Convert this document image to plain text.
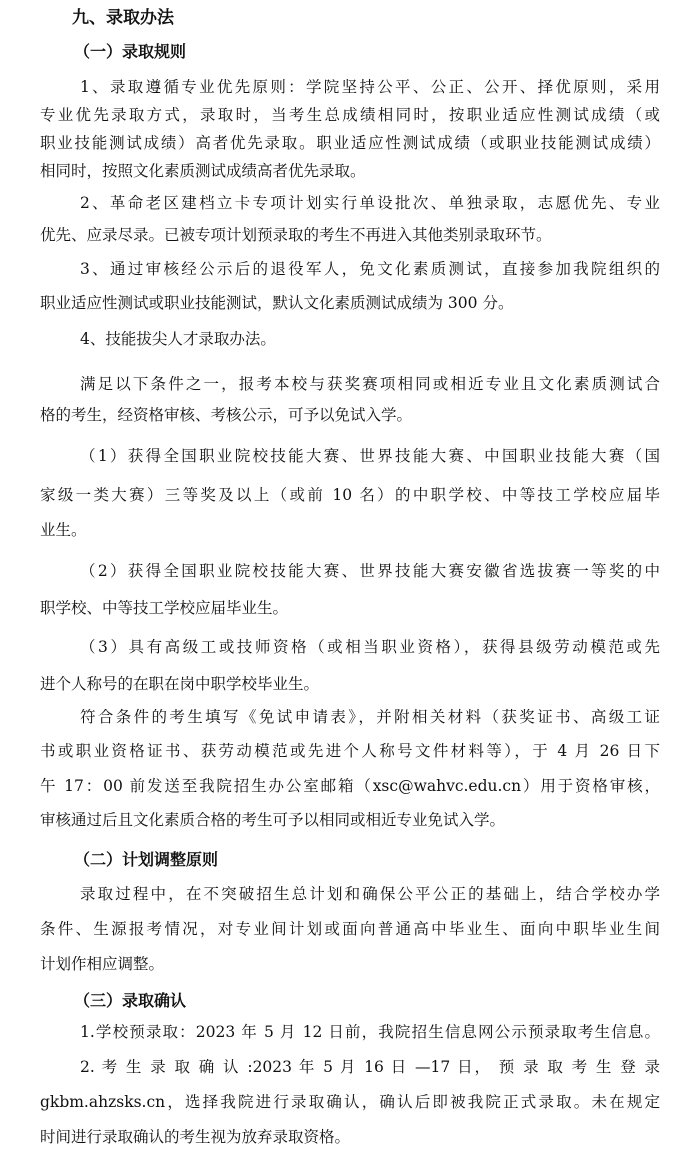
九、录取办法
（一）录取规则
1、录取遵循专业优先原则：学院坚持公平、公正、公开、择优原则，采用
专业优先录取方式，录取时，当考生总成绩相同时，按职业适应性测试成绩（或
职业技能测试成绩）高者优先录取。职业适应性测试成绩（或职业技能测试成绩）
相同时，按照文化素质测试成绩高者优先录取。
2、革命老区建档立卡专项计划实行单设批次、单独录取，志愿优先、专业
优先、应录尽录。已被专项计划预录取的考生不再进入其他类别录取环节。
3、通过审核经公示后的退役军人，免文化素质测试，直接参加我院组织的
职业适应性测试或职业技能测试，默认文化素质测试成绩为 300 分。
4、技能拔尖人才录取办法。
满足以下条件之一，报考本校与获奖赛项相同或相近专业且文化素质测试合
格的考生，经资格审核、考核公示，可予以免试入学。
（1）获得全国职业院校技能大赛、世界技能大赛、中国职业技能大赛（国
家级一类大赛）三等奖及以上（或前 10 名）的中职学校、中等技工学校应届毕
业生。
（2）获得全国职业院校技能大赛、世界技能大赛安徽省选拔赛一等奖的中
职学校、中等技工学校应届毕业生。
（3）具有高级工或技师资格（或相当职业资格），获得县级劳动模范或先
进个人称号的在职在岗中职学校毕业生。
符合条件的考生填写《免试申请表》，并附相关材料（获奖证书、高级工证
书或职业资格证书、获劳动模范或先进个人称号文件材料等），于 4 月 26 日下
午 17：00 前发送至我院招生办公室邮箱（xsc@wahvc.edu.cn）用于资格审核，
审核通过后且文化素质合格的考生可予以相同或相近专业免试入学。
（二）计划调整原则
录取过程中，在不突破招生总计划和确保公平公正的基础上，结合学校办学
条件、生源报考情况，对专业间计划或面向普通高中毕业生、面向中职毕业生间
计划作相应调整。
（三）录取确认
1.学校预录取：2023 年 5 月 12 日前，我院招生信息网公示预录取考生信息。
2. 考 生 录 取 确 认 :2023 年 5 月 16 日 —17 日， 预 录 取 考 生 登 录
gkbm.ahzsks.cn，选择我院进行录取确认，确认后即被我院正式录取。未在规定
时间进行录取确认的考生视为放弃录取资格。
